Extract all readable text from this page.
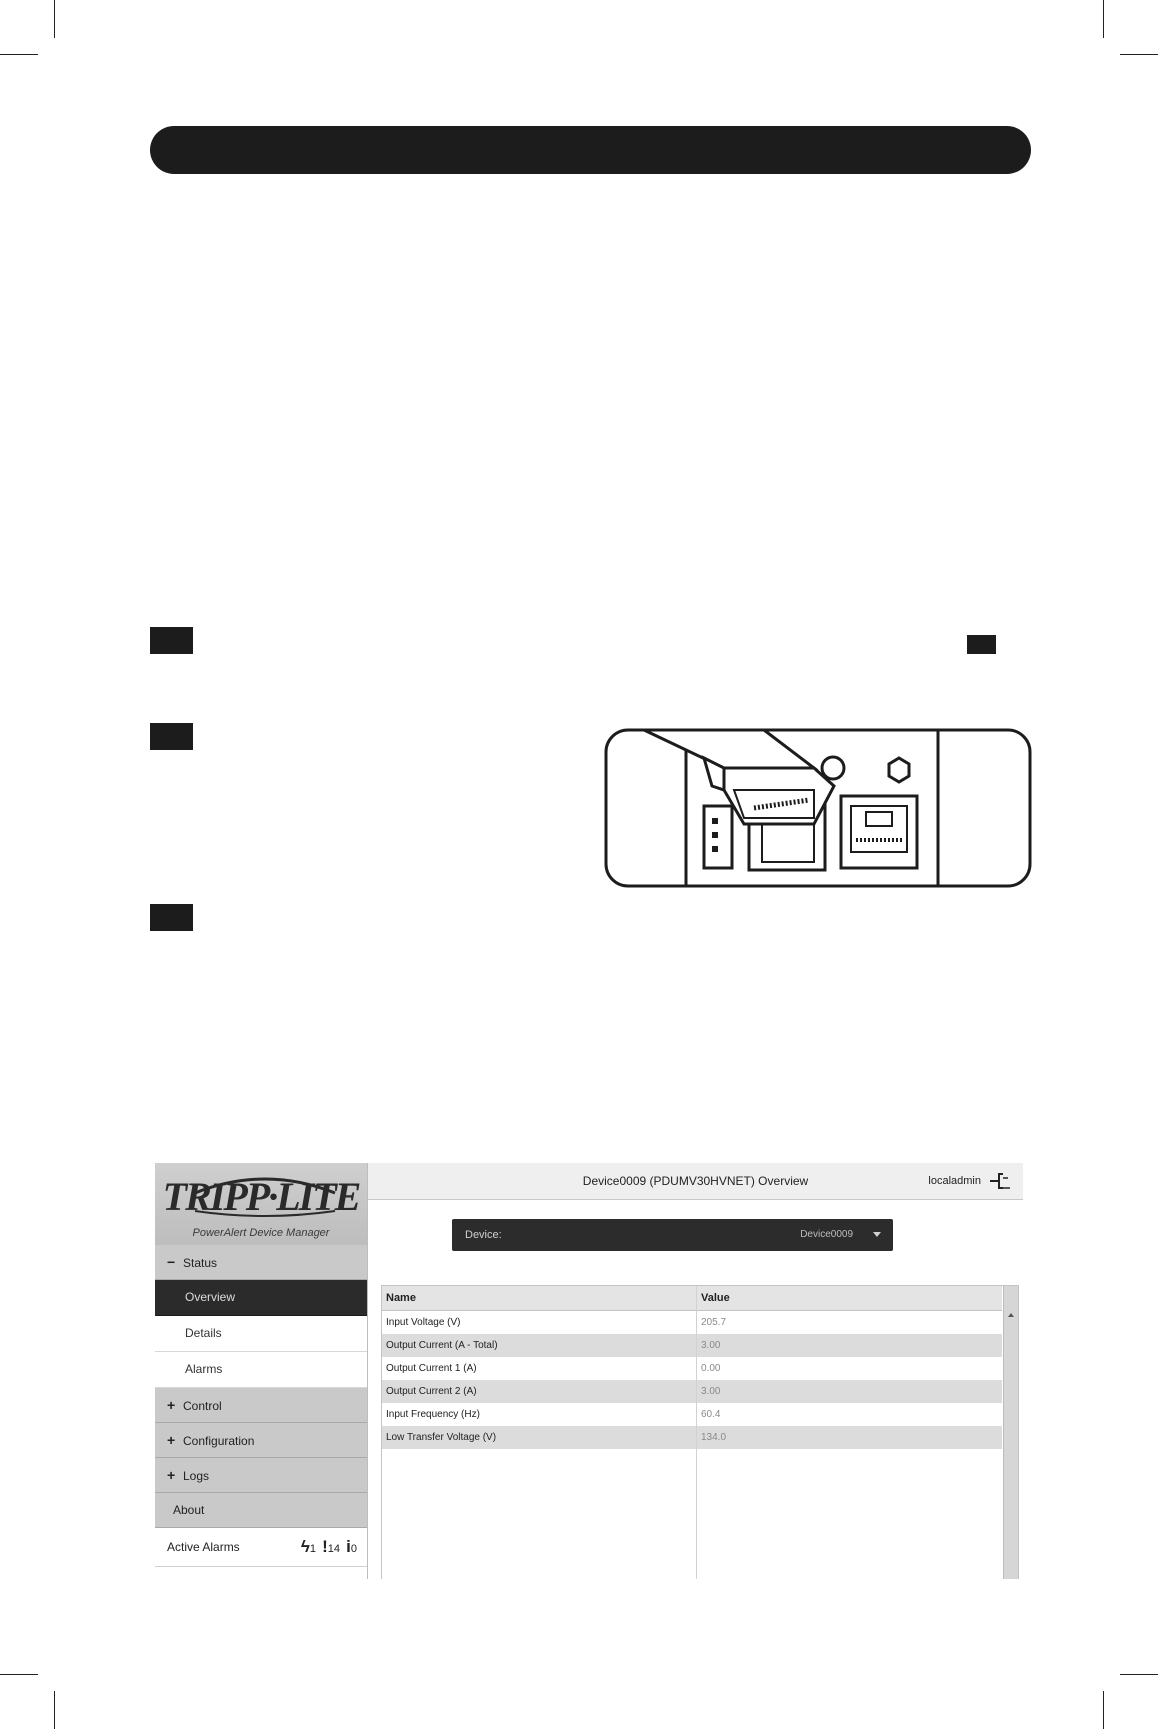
TRIPP·LITE
PowerAlert Device Manager
− Status
Overview
Details
Alarms
+ Control
+ Configuration
+ Logs
About
Active Alarms	ϟ1 !14 i0
Device0009 (PDUMV30HVNET) Overview	localadmin
Device:	Device0009
Name	Value
Input Voltage (V)	205.7
Output Current (A - Total)	3.00
Output Current 1 (A)	0.00
Output Current 2 (A)	3.00
Input Frequency (Hz)	60.4
Low Transfer Voltage (V)	134.0
